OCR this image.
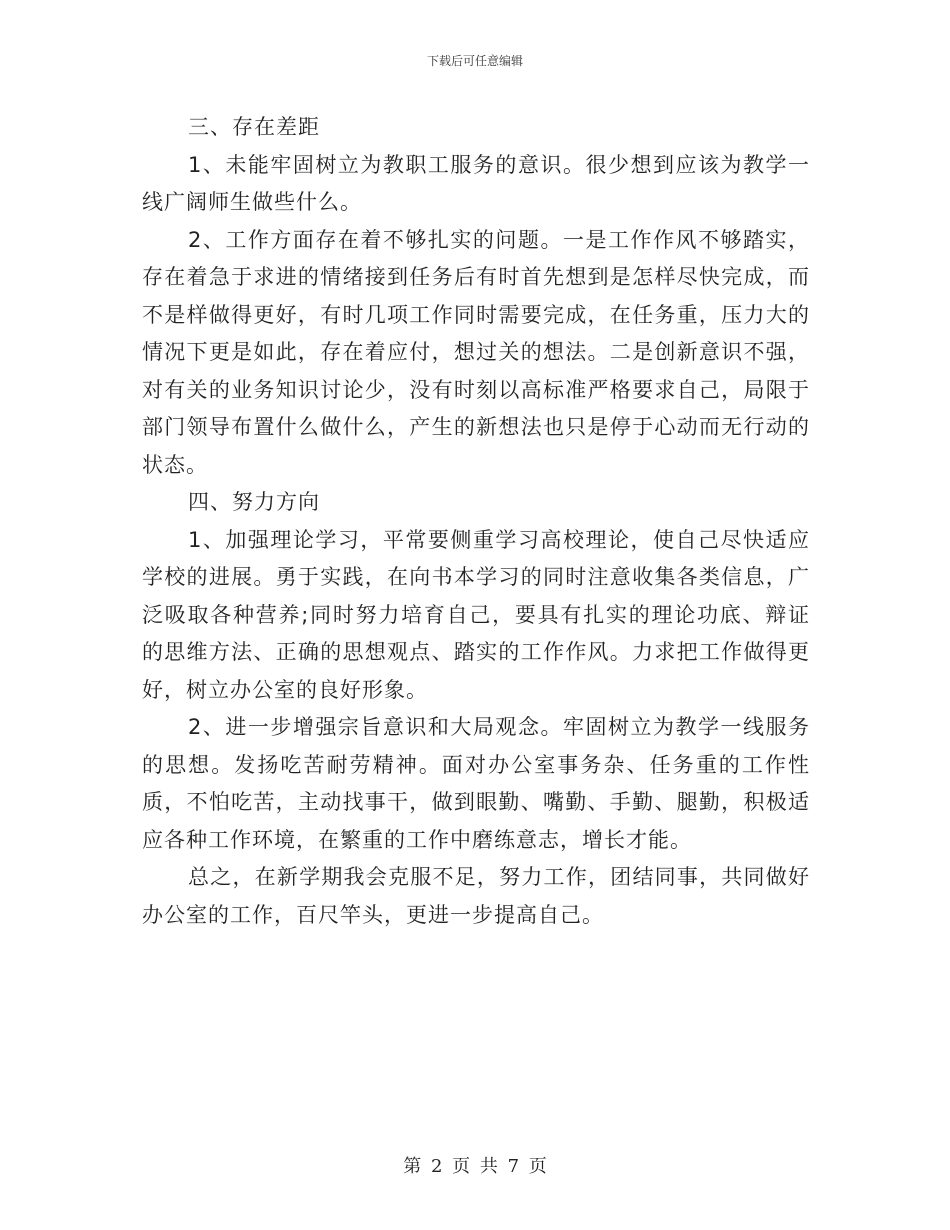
下载后可任意编辑

三、存在差距

1、未能牢固树立为教职工服务的意识。很少想到应该为教学一线广阔师生做些什么。

2、工作方面存在着不够扎实的问题。一是工作作风不够踏实，存在着急于求进的情绪接到任务后有时首先想到是怎样尽快完成，而不是样做得更好，有时几项工作同时需要完成，在任务重，压力大的情况下更是如此，存在着应付，想过关的想法。二是创新意识不强，对有关的业务知识讨论少，没有时刻以高标准严格要求自己，局限于部门领导布置什么做什么，产生的新想法也只是停于心动而无行动的状态。

四、努力方向

1、加强理论学习，平常要侧重学习高校理论，使自己尽快适应学校的进展。勇于实践，在向书本学习的同时注意收集各类信息，广泛吸取各种营养;同时努力培育自己，要具有扎实的理论功底、辩证的思维方法、正确的思想观点、踏实的工作作风。力求把工作做得更好，树立办公室的良好形象。

2、进一步增强宗旨意识和大局观念。牢固树立为教学一线服务的思想。发扬吃苦耐劳精神。面对办公室事务杂、任务重的工作性质，不怕吃苦，主动找事干，做到眼勤、嘴勤、手勤、腿勤，积极适应各种工作环境，在繁重的工作中磨练意志，增长才能。

总之，在新学期我会克服不足，努力工作，团结同事，共同做好办公室的工作，百尺竿头，更进一步提高自己。

第 2 页 共 7 页
